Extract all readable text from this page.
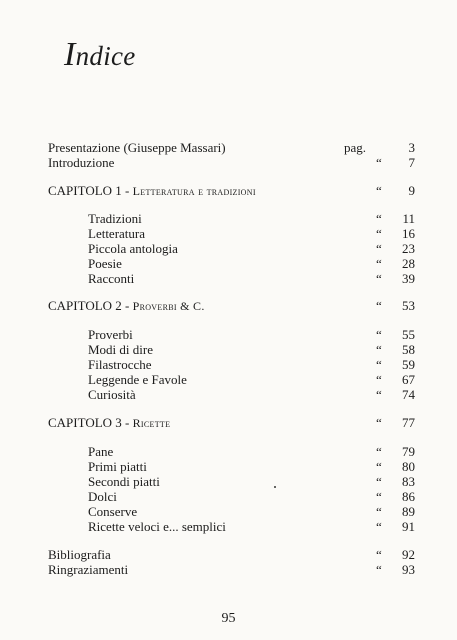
Indice
Presentazione (Giuseppe Massari)	pag.	3
Introduzione	“	7
CAPITOLO 1 - Letteratura e tradizioni	“	9
Tradizioni	“	11
Letteratura	“	16
Piccola antologia	“	23
Poesie	“	28
Racconti	“	39
CAPITOLO 2 - Proverbi & C.	“	53
Proverbi	“	55
Modi di dire	“	58
Filastrocche	“	59
Leggende e Favole	“	67
Curiosità	“	74
CAPITOLO 3 - Ricette	“	77
Pane	“	79
Primi piatti	“	80
Secondi piatti	“	83
Dolci	“	86
Conserve	“	89
Ricette veloci e... semplici	“	91
Bibliografia	“	92
Ringraziamenti	“	93
95
